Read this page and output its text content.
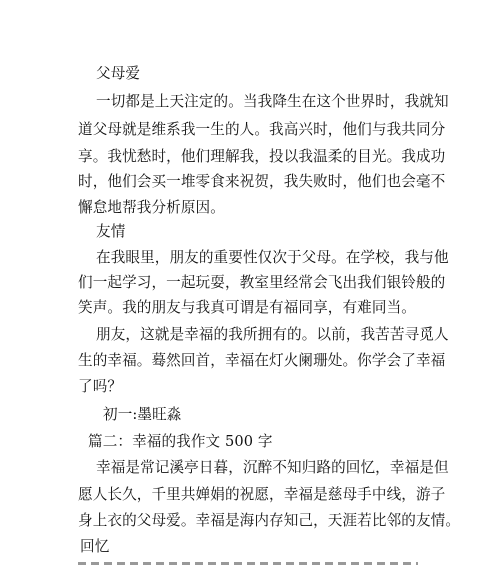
父母爱
一切都是上天注定的。当我降生在这个世界时，我就知
道父母就是维系我一生的人。我高兴时，他们与我共同分
享。我忧愁时，他们理解我，投以我温柔的目光。我成功
时，他们会买一堆零食来祝贺，我失败时，他们也会毫不
懈怠地帮我分析原因。
友情
在我眼里，朋友的重要性仅次于父母。在学校，我与他
们一起学习，一起玩耍，教室里经常会飞出我们银铃般的
笑声。我的朋友与我真可谓是有福同享，有难同当。
朋友，这就是幸福的我所拥有的。以前，我苦苦寻觅人
生的幸福。蓦然回首，幸福在灯火阑珊处。你学会了幸福
了吗？
初一:墨旺淼
篇二：幸福的我作文 500 字
幸福是常记溪亭日暮，沉醉不知归路的回忆，幸福是但
愿人长久，千里共婵娟的祝愿，幸福是慈母手中线，游子
身上衣的父母爱。幸福是海内存知己，天涯若比邻的友情。
回忆
